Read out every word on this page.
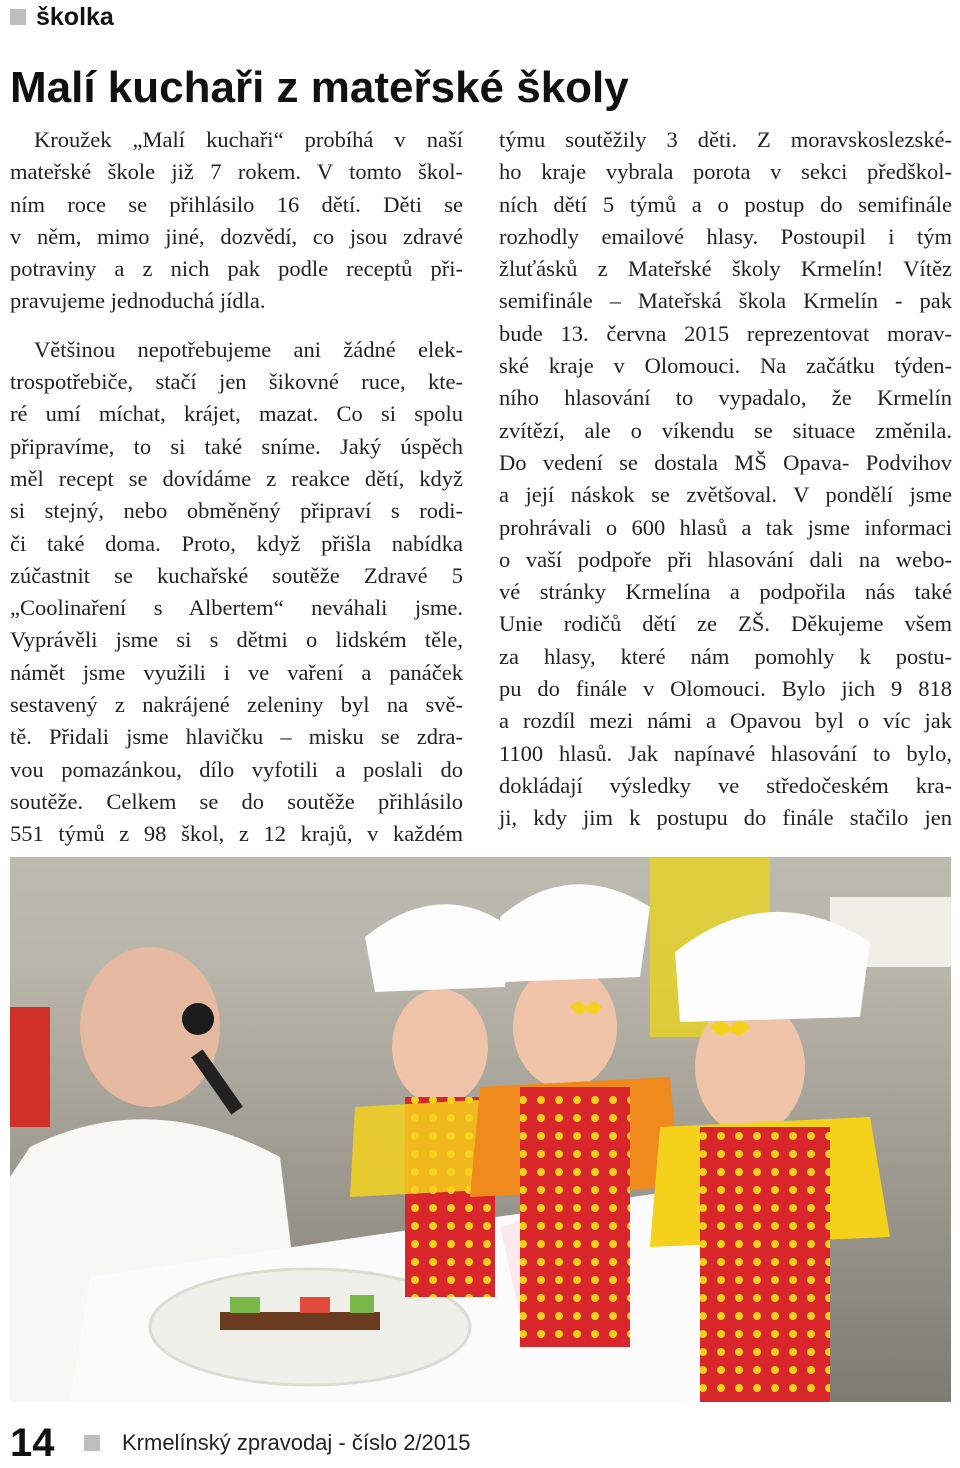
školka
Malí kuchaři z mateřské školy
Kroužek „Malí kuchaři“ probíhá v naší
mateřské škole již 7 rokem. V tomto škol-
ním roce se přihlásilo 16 dětí. Děti se
v něm, mimo jiné, dozvědí, co jsou zdravé
potraviny a z nich pak podle receptů při-
pravujeme jednoduchá jídla.
Většinou nepotřebujeme ani žádné elek-
trospotřebiče, stačí jen šikovné ruce, kte-
ré umí míchat, krájet, mazat. Co si spolu
připravíme, to si také sníme. Jaký úspěch
měl recept se dovídáme z reakce dětí, když
si stejný, nebo obměněný připraví s rodi-
či také doma. Proto, když přišla nabídka
zúčastnit se kuchařské soutěže Zdravé 5
„Coolinaření s Albertem“ neváhali jsme.
Vyprávěli jsme si s dětmi o lidském těle,
námět jsme využili i ve vaření a panáček
sestavený z nakrájené zeleniny byl na svě-
tě. Přidali jsme hlavičku – misku se zdra-
vou pomazánkou, dílo vyfotili a poslali do
soutěže. Celkem se do soutěže přihlásilo
551 týmů z 98 škol, z 12 krajů, v každém
týmu soutěžily 3 děti. Z moravskoslezské-
ho kraje vybrala porota v sekci předškol-
ních dětí 5 týmů a o postup do semifinále
rozhodly emailové hlasy. Postoupil i tým
žluťásků z Mateřské školy Krmelín! Vítěz
semifinále – Mateřská škola Krmelín - pak
bude 13. června 2015 reprezentovat morav-
ské kraje v Olomouci. Na začátku týden-
ního hlasování to vypadalo, že Krmelín
zvítězí, ale o víkendu se situace změnila.
Do vedení se dostala MŠ Opava- Podvihov
a její náskok se zvětšoval. V pondělí jsme
prohrávali o 600 hlasů a tak jsme informaci
o vaší podpoře při hlasování dali na webo-
vé stránky Krmelína a podpořila nás také
Unie rodičů dětí ze ZŠ. Děkujeme všem
za hlasy, které nám pomohly k postu-
pu do finále v Olomouci. Bylo jich 9 818
a rozdíl mezi námi a Opavou byl o víc jak
1100 hlasů. Jak napínavé hlasování to bylo,
dokládají výsledky ve středočeském kra-
ji, kdy jim k postupu do finále stačilo jen
14	Krmelínský zpravodaj - číslo 2/2015
